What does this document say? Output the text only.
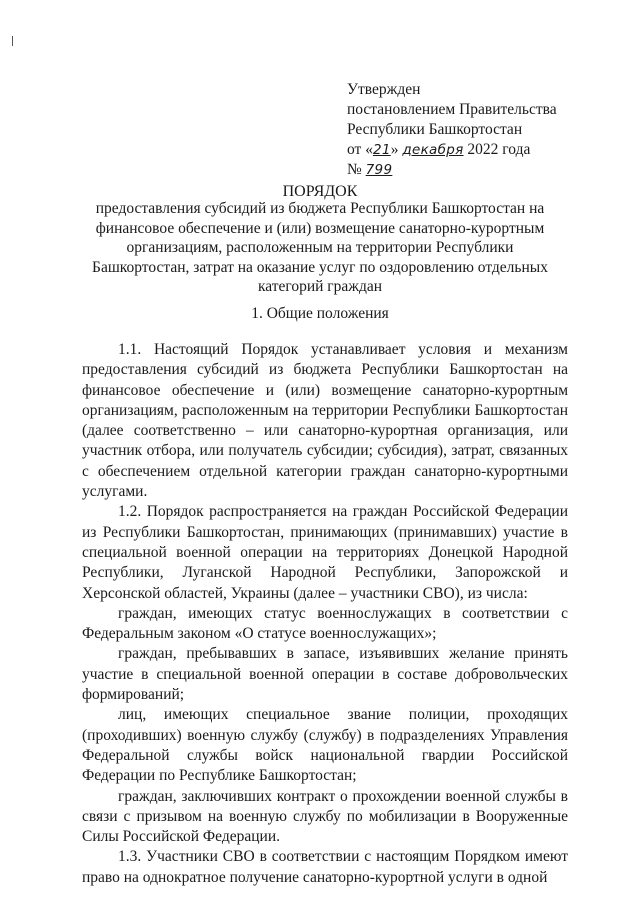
Утвержден
постановлением Правительства
Республики Башкортостан
от «21» декабря 2022 года
№ 799
ПОРЯДОК
предоставления субсидий из бюджета Республики Башкортостан на финансовое обеспечение и (или) возмещение санаторно-курортным организациям, расположенным на территории Республики Башкортостан, затрат на оказание услуг по оздоровлению отдельных категорий граждан
1. Общие положения

1.1. Настоящий Порядок устанавливает условия и механизм предоставления субсидий из бюджета Республики Башкортостан на финансовое обеспечение и (или) возмещение санаторно-курортным организациям, расположенным на территории Республики Башкортостан (далее соответственно – или санаторно-курортная организация, или участник отбора, или получатель субсидии; субсидия), затрат, связанных с обеспечением отдельной категории граждан санаторно-курортными услугами.

1.2. Порядок распространяется на граждан Российской Федерации из Республики Башкортостан, принимающих (принимавших) участие в специальной военной операции на территориях Донецкой Народной Республики, Луганской Народной Республики, Запорожской и Херсонской областей, Украины (далее – участники СВО), из числа:

граждан, имеющих статус военнослужащих в соответствии с Федеральным законом «О статусе военнослужащих»;

граждан, пребывавших в запасе, изъявивших желание принять участие в специальной военной операции в составе добровольческих формирований;

лиц, имеющих специальное звание полиции, проходящих (проходивших) военную службу (службу) в подразделениях Управления Федеральной службы войск национальной гвардии Российской Федерации по Республике Башкортостан;

граждан, заключивших контракт о прохождении военной службы в связи с призывом на военную службу по мобилизации в Вооруженные Силы Российской Федерации.

1.3. Участники СВО в соответствии с настоящим Порядком имеют право на однократное получение санаторно-курортной услуги в одной
